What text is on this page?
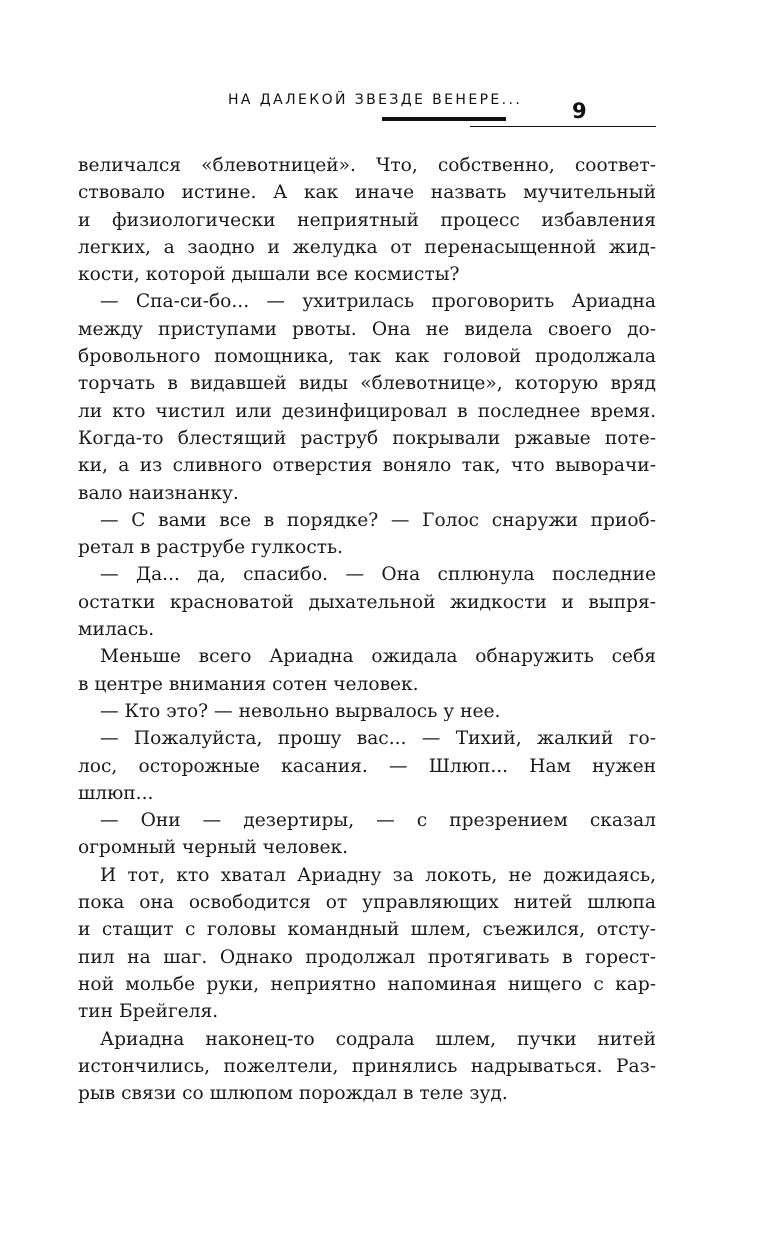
НА ДАЛЕКОЙ ЗВЕЗДЕ ВЕНЕРЕ... 9
величался «блевотницей». Что, собственно, соответ-
ствовало истине. А как иначе назвать мучительный
и физиологически неприятный процесс избавления
легких, а заодно и желудка от перенасыщенной жид-
кости, которой дышали все космисты?
— Спа-си-бо... — ухитрилась проговорить Ариадна
между приступами рвоты. Она не видела своего до-
бровольного помощника, так как головой продолжала
торчать в видавшей виды «блевотнице», которую вряд
ли кто чистил или дезинфицировал в последнее время.
Когда-то блестящий раструб покрывали ржавые поте-
ки, а из сливного отверстия воняло так, что выворачи-
вало наизнанку.
— С вами все в порядке? — Голос снаружи приоб-
ретал в раструбе гулкость.
— Да... да, спасибо. — Она сплюнула последние
остатки красноватой дыхательной жидкости и выпря-
милась.
Меньше всего Ариадна ожидала обнаружить себя
в центре внимания сотен человек.
— Кто это? — невольно вырвалось у нее.
— Пожалуйста, прошу вас... — Тихий, жалкий го-
лос, осторожные касания. — Шлюп... Нам нужен
шлюп...
— Они — дезертиры, — с презрением сказал
огромный черный человек.
И тот, кто хватал Ариадну за локоть, не дожидаясь,
пока она освободится от управляющих нитей шлюпа
и стащит с головы командный шлем, съежился, отсту-
пил на шаг. Однако продолжал протягивать в горест-
ной мольбе руки, неприятно напоминая нищего с кар-
тин Брейгеля.
Ариадна наконец-то содрала шлем, пучки нитей
истончились, пожелтели, принялись надрываться. Раз-
рыв связи со шлюпом порождал в теле зуд.
